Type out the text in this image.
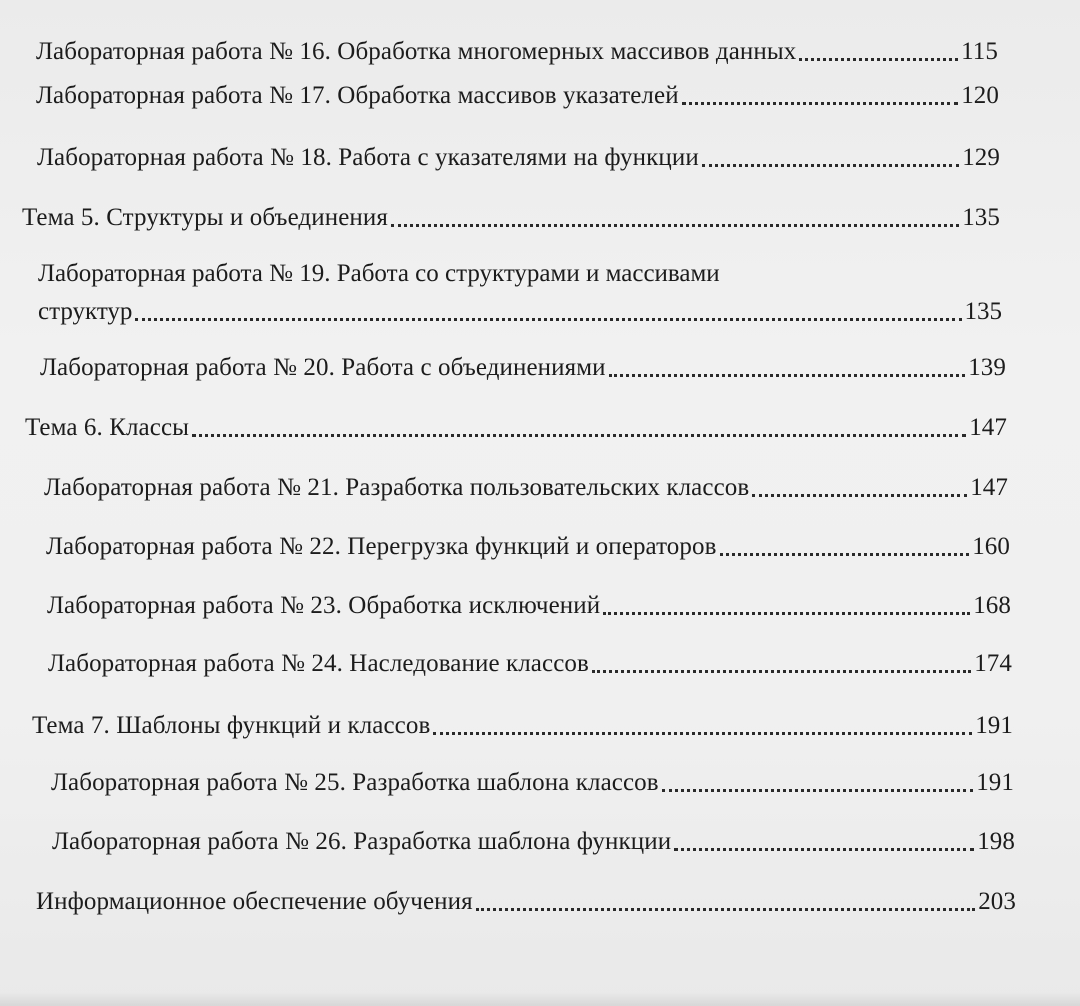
Лабораторная работа № 16. Обработка многомерных массивов данных	115
Лабораторная работа № 17. Обработка массивов указателей	120
Лабораторная работа № 18. Работа с указателями на функции	129
Тема 5. Структуры и объединения	135
Лабораторная работа № 19. Работа со структурами и массивами
структур	135
Лабораторная работа № 20. Работа с объединениями	139
Тема 6. Классы	147
Лабораторная работа № 21. Разработка пользовательских классов	147
Лабораторная работа № 22. Перегрузка функций и операторов	160
Лабораторная работа № 23. Обработка исключений	168
Лабораторная работа № 24. Наследование классов	174
Тема 7. Шаблоны функций и классов	191
Лабораторная работа № 25. Разработка шаблона классов	191
Лабораторная работа № 26. Разработка шаблона функции	198
Информационное обеспечение обучения	203
